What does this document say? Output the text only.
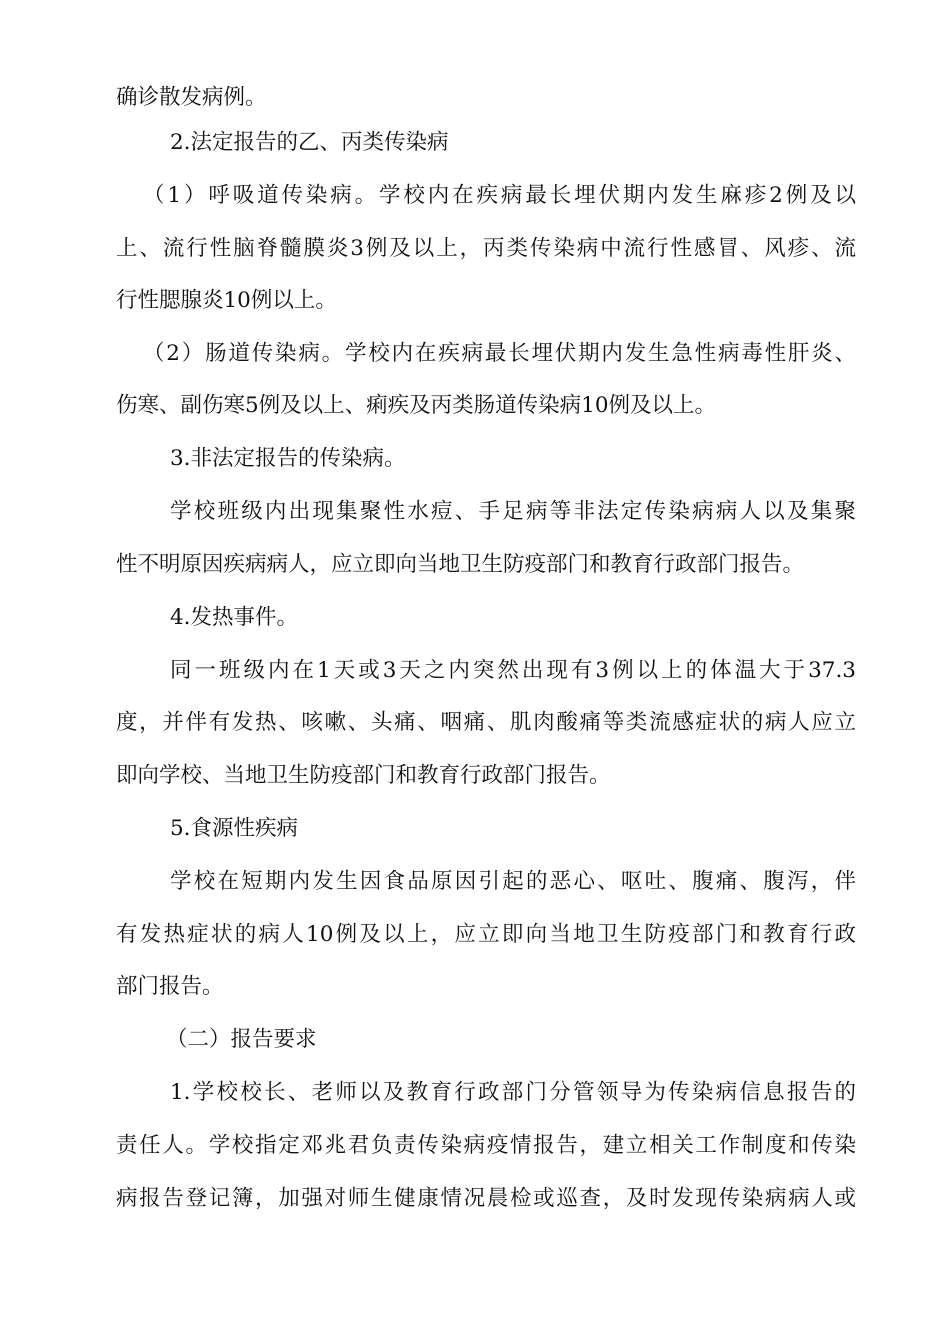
确诊散发病例。
2.法定报告的乙、丙类传染病
（1）呼吸道传染病。学校内在疾病最长埋伏期内发生麻疹2例及以
上、流行性脑脊髓膜炎3例及以上，丙类传染病中流行性感冒、风疹、流
行性腮腺炎10例以上。
（2）肠道传染病。学校内在疾病最长埋伏期内发生急性病毒性肝炎、
伤寒、副伤寒5例及以上、痢疾及丙类肠道传染病10例及以上。
3.非法定报告的传染病。
学校班级内出现集聚性水痘、手足病等非法定传染病病人以及集聚
性不明原因疾病病人，应立即向当地卫生防疫部门和教育行政部门报告。
4.发热事件。
同一班级内在1天或3天之内突然出现有3例以上的体温大于37.3
度，并伴有发热、咳嗽、头痛、咽痛、肌肉酸痛等类流感症状的病人应立
即向学校、当地卫生防疫部门和教育行政部门报告。
5.食源性疾病
学校在短期内发生因食品原因引起的恶心、呕吐、腹痛、腹泻，伴
有发热症状的病人10例及以上，应立即向当地卫生防疫部门和教育行政
部门报告。
（二）报告要求
1.学校校长、老师以及教育行政部门分管领导为传染病信息报告的
责任人。学校指定邓兆君负责传染病疫情报告，建立相关工作制度和传染
病报告登记簿，加强对师生健康情况晨检或巡查，及时发现传染病病人或
